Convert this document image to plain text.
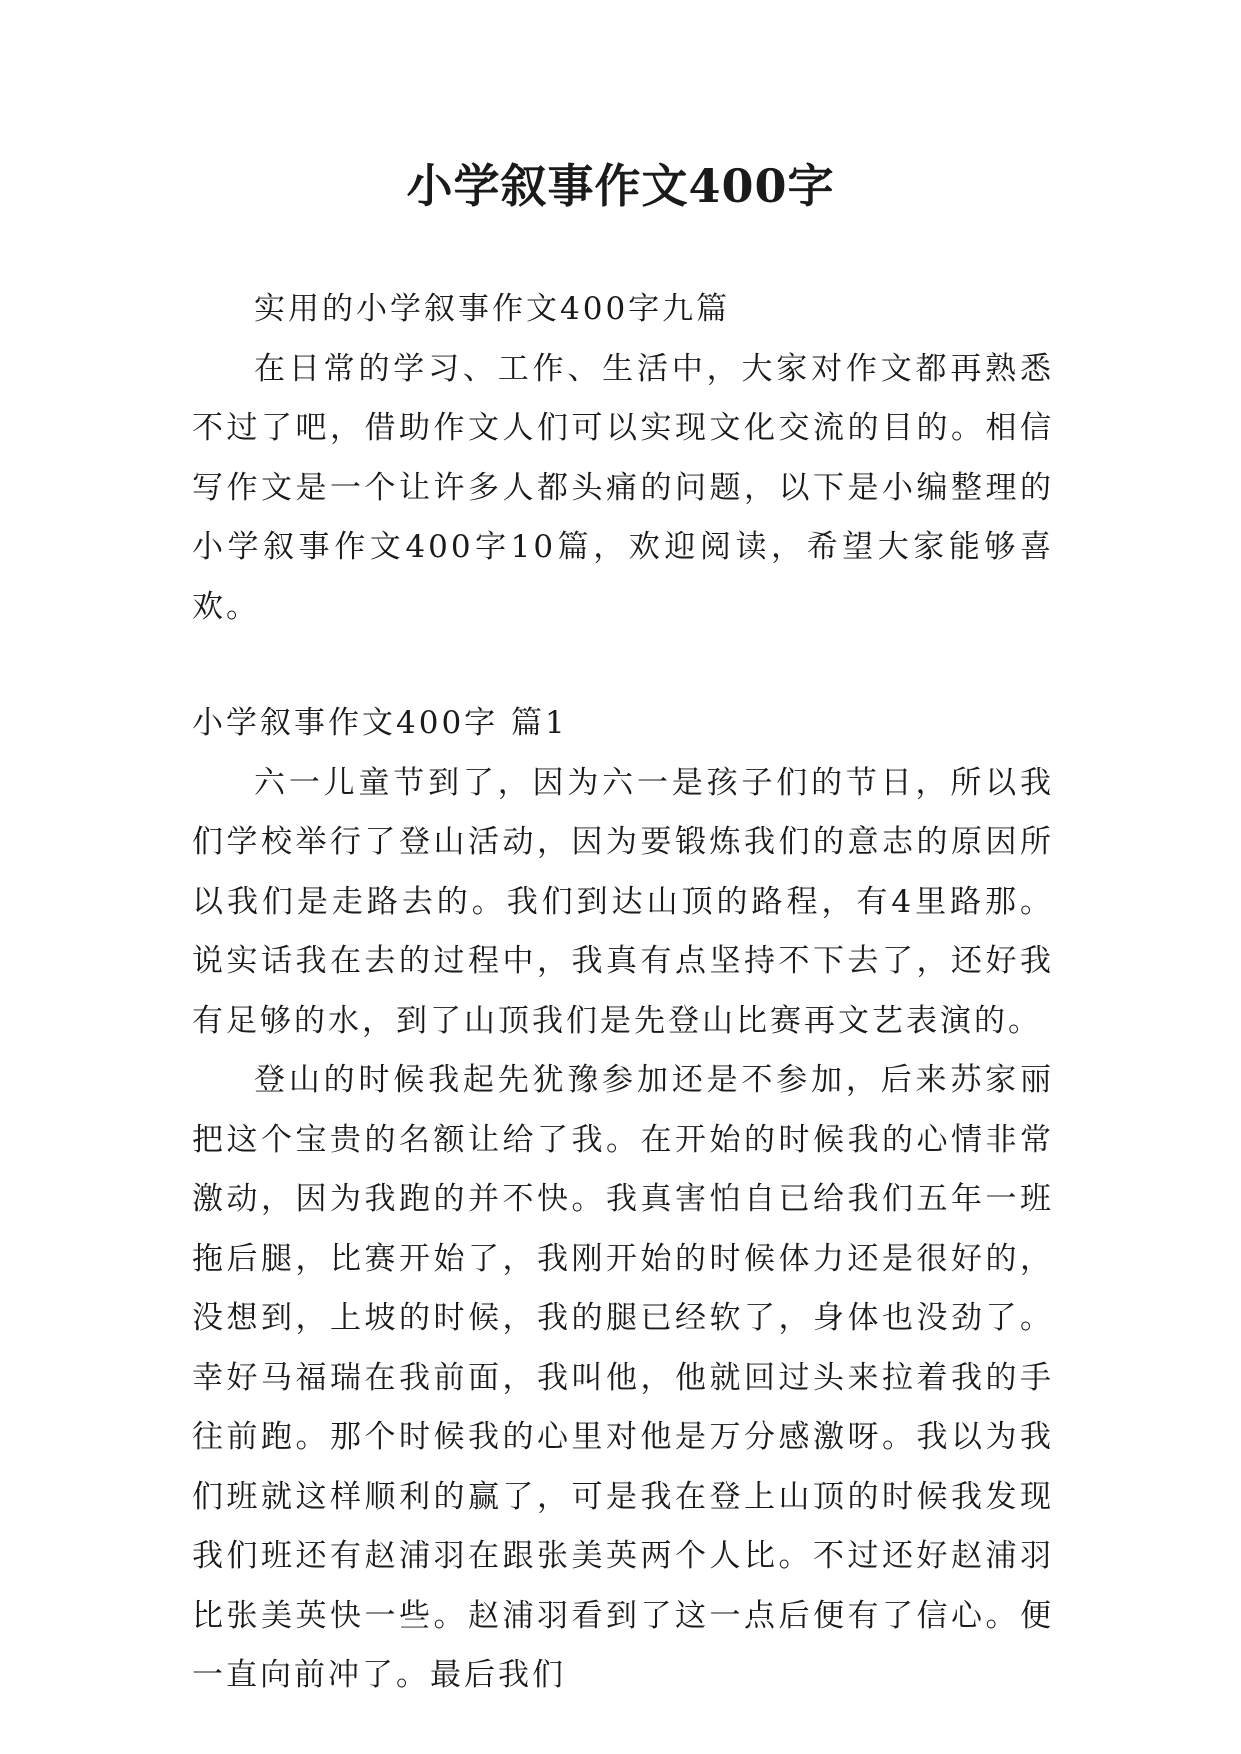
小学叙事作文400字

实用的小学叙事作文400字九篇

在日常的学习、工作、生活中，大家对作文都再熟悉不过了吧，借助作文人们可以实现文化交流的目的。相信写作文是一个让许多人都头痛的问题，以下是小编整理的小学叙事作文400字10篇，欢迎阅读，希望大家能够喜欢。

小学叙事作文400字 篇1

六一儿童节到了，因为六一是孩子们的节日，所以我们学校举行了登山活动，因为要锻炼我们的意志的原因所以我们是走路去的。我们到达山顶的路程，有4里路那。说实话我在去的过程中，我真有点坚持不下去了，还好我有足够的水，到了山顶我们是先登山比赛再文艺表演的。

登山的时候我起先犹豫参加还是不参加，后来苏家丽把这个宝贵的名额让给了我。在开始的时候我的心情非常激动，因为我跑的并不快。我真害怕自已给我们五年一班拖后腿，比赛开始了，我刚开始的时候体力还是很好的，没想到，上坡的时候，我的腿已经软了，身体也没劲了。幸好马福瑞在我前面，我叫他，他就回过头来拉着我的手往前跑。那个时候我的心里对他是万分感激呀。我以为我们班就这样顺利的赢了，可是我在登上山顶的时候我发现我们班还有赵浦羽在跟张美英两个人比。不过还好赵浦羽比张美英快一些。赵浦羽看到了这一点后便有了信心。便一直向前冲了。最后我们
